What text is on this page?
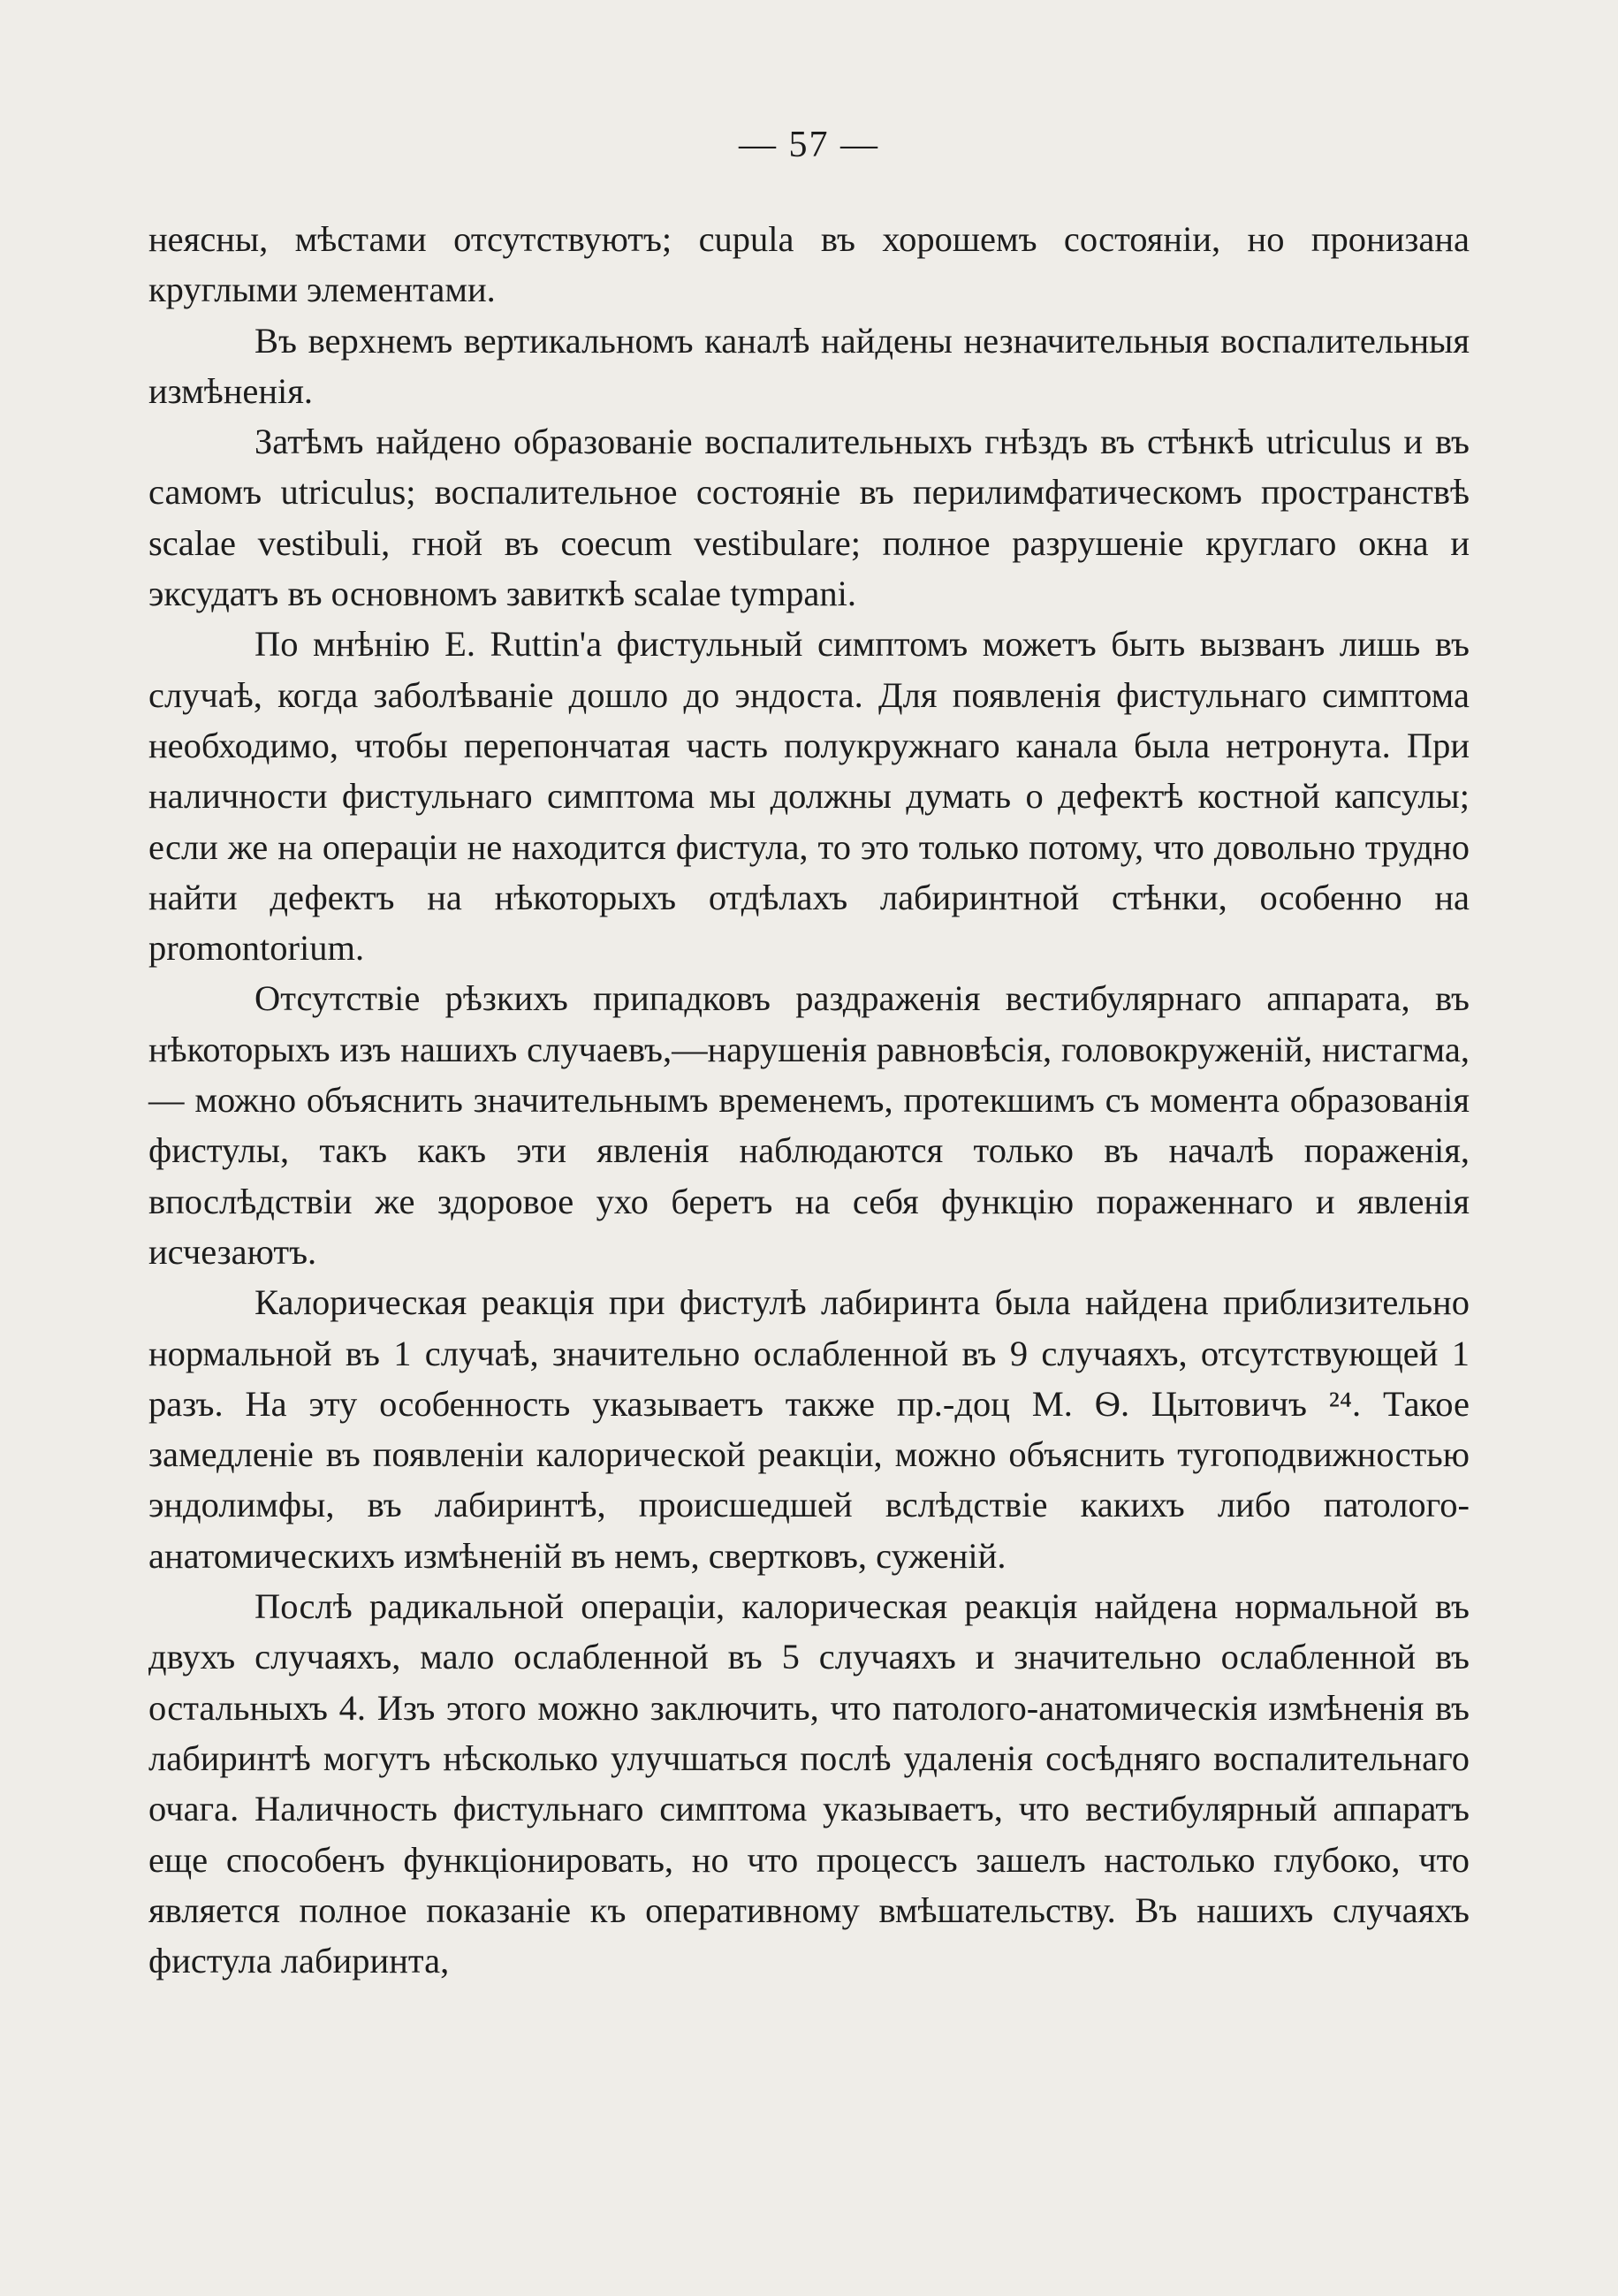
— 57 —

неясны, мѣстами отсутствуютъ; cupula въ хорошемъ состояніи, но пронизана круглыми элементами.

Въ верхнемъ вертикальномъ каналѣ найдены незначительныя воспалительныя измѣненія.

Затѣмъ найдено образованіе воспалительныхъ гнѣздъ въ стѣнкѣ utriculus и въ самомъ utriculus; воспалительное состояніе въ перилимфатическомъ пространствѣ scalae vestibuli, гной въ coecum vestibulare; полное разрушеніе круглаго окна и эксудатъ въ основномъ завиткѣ scalae tympani.

По мнѣнію E. Ruttin'а фистульный симптомъ можетъ быть вызванъ лишь въ случаѣ, когда заболѣваніе дошло до эндоста. Для появленія фистульнаго симптома необходимо, чтобы перепончатая часть полукружнаго канала была нетронута. При наличности фистульнаго симптома мы должны думать о дефектѣ костной капсулы; если же на операціи не находится фистула, то это только потому, что довольно трудно найти дефектъ на нѣкоторыхъ отдѣлахъ лабиринтной стѣнки, особенно на promontorium.

Отсутствіе рѣзкихъ припадковъ раздраженія вестибулярнаго аппарата, въ нѣкоторыхъ изъ нашихъ случаевъ,—нарушенія равновѣсія, головокруженій, нистагма, — можно объяснить значительнымъ временемъ, протекшимъ съ момента образованія фистулы, такъ какъ эти явленія наблюдаются только въ началѣ пораженія, впослѣдствіи же здоровое ухо беретъ на себя функцію пораженнаго и явленія исчезаютъ.

Калорическая реакція при фистулѣ лабиринта была найдена приблизительно нормальной въ 1 случаѣ, значительно ослабленной въ 9 случаяхъ, отсутствующей 1 разъ. На эту особенность указываетъ также пр.-доц М. Ѳ. Цытовичъ ²⁴. Такое замедленіе въ появленіи калорической реакціи, можно объяснить тугоподвижностью эндолимфы, въ лабиринтѣ, происшедшей вслѣдствіе какихъ либо патолого-анатомическихъ измѣненій въ немъ, свертковъ, суженій.

Послѣ радикальной операціи, калорическая реакція найдена нормальной въ двухъ случаяхъ, мало ослабленной въ 5 случаяхъ и значительно ослабленной въ остальныхъ 4. Изъ этого можно заключить, что патолого-анатомическія измѣненія въ лабиринтѣ могутъ нѣсколько улучшаться послѣ удаленія сосѣдняго воспалительнаго очага. Наличность фистульнаго симптома указываетъ, что вестибулярный аппаратъ еще способенъ функціонировать, но что процессъ зашелъ настолько глубоко, что является полное показаніе къ оперативному вмѣшательству. Въ нашихъ случаяхъ фистула лабиринта,
